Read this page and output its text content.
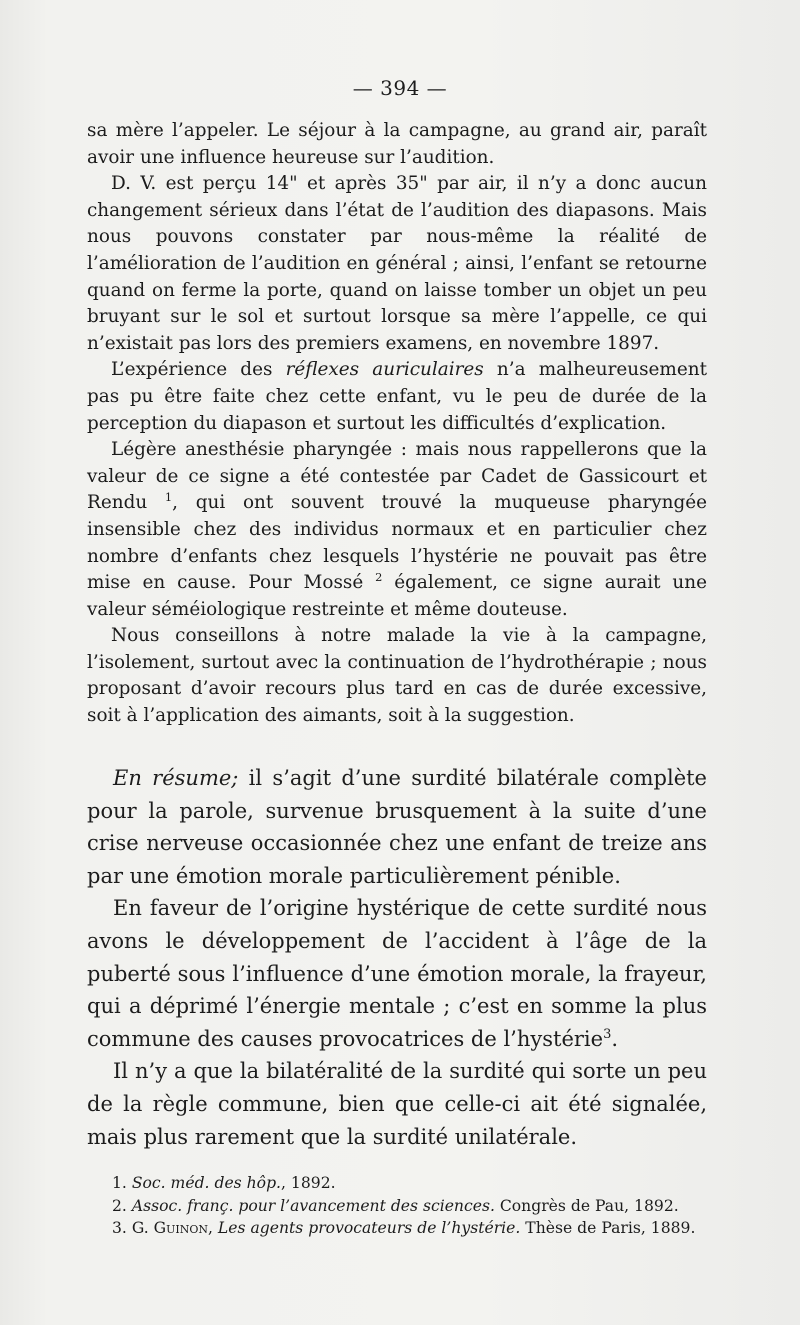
— 394 —

sa mère l’appeler. Le séjour à la campagne, au grand air, paraît avoir une influence heureuse sur l’audition.

D. V. est perçu 14" et après 35" par air, il n’y a donc aucun changement sérieux dans l’état de l’audition des diapasons. Mais nous pouvons constater par nous-même la réalité de l’amélioration de l’audition en général ; ainsi, l’enfant se retourne quand on ferme la porte, quand on laisse tomber un objet un peu bruyant sur le sol et surtout lorsque sa mère l’appelle, ce qui n’existait pas lors des premiers examens, en novembre 1897.

L’expérience des réflexes auriculaires n’a malheureusement pas pu être faite chez cette enfant, vu le peu de durée de la perception du diapason et surtout les difficultés d’explication.

Légère anesthésie pharyngée : mais nous rappellerons que la valeur de ce signe a été contestée par Cadet de Gassicourt et Rendu $^1$, qui ont souvent trouvé la muqueuse pharyngée insensible chez des individus normaux et en particulier chez nombre d’enfants chez lesquels l’hystérie ne pouvait pas être mise en cause. Pour Mossé $^2$ également, ce signe aurait une valeur séméiologique restreinte et même douteuse.

Nous conseillons à notre malade la vie à la campagne, l’isolement, surtout avec la continuation de l’hydrothérapie ; nous proposant d’avoir recours plus tard en cas de durée excessive, soit à l’application des aimants, soit à la suggestion.

En résume; il s’agit d’une surdité bilatérale complète pour la parole, survenue brusquement à la suite d’une crise nerveuse occasionnée chez une enfant de treize ans par une émotion morale particulièrement pénible.

En faveur de l’origine hystérique de cette surdité nous avons le développement de l’accident à l’âge de la puberté sous l’influence d’une émotion morale, la frayeur, qui a déprimé l’énergie mentale ; c’est en somme la plus commune des causes provocatrices de l’hystérie$^3$.

Il n’y a que la bilatéralité de la surdité qui sorte un peu de la règle commune, bien que celle-ci ait été signalée, mais plus rarement que la surdité unilatérale.

1. Soc. méd. des hôp., 1892.
2. Assoc. franç. pour l’avancement des sciences. Congrès de Pau, 1892.
3. G. Guinon, Les agents provocateurs de l’hystérie. Thèse de Paris, 1889.
